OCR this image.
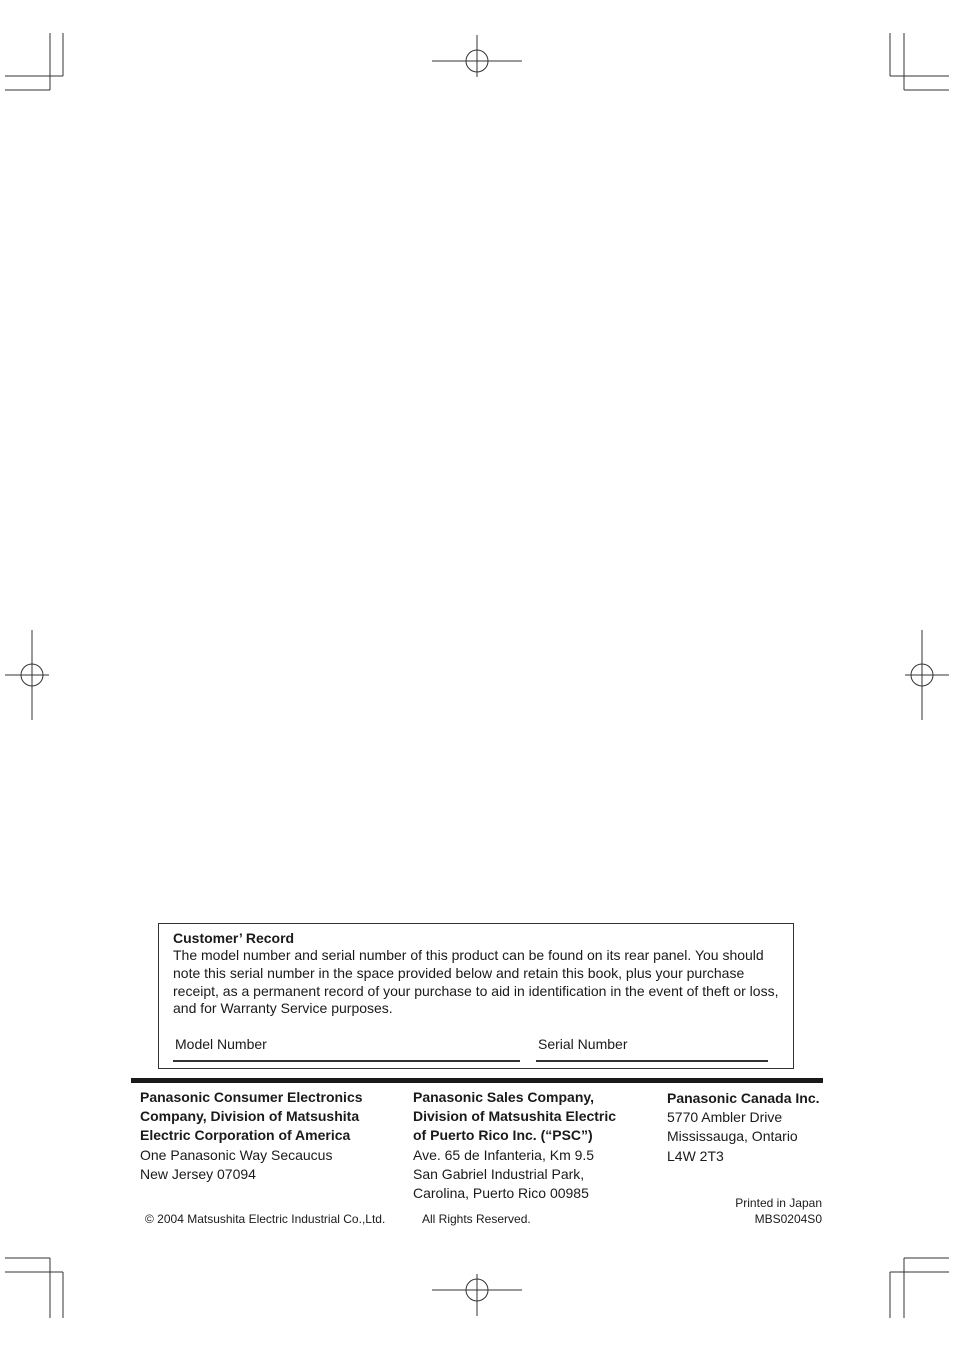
Customer’ Record
The model number and serial number of this product can be found on its rear panel. You should note this serial number in the space provided below and retain this book, plus your purchase receipt, as a permanent record of your purchase to aid in identification in the event of theft or loss, and for Warranty Service purposes.
Model Number	Serial Number
Panasonic Consumer Electronics
Company, Division of Matsushita
Electric Corporation of America
One Panasonic Way Secaucus
New Jersey 07094
Panasonic Sales Company,
Division of Matsushita Electric
of Puerto Rico Inc. (“PSC”)
Ave. 65 de Infanteria, Km 9.5
San Gabriel Industrial Park,
Carolina, Puerto Rico 00985
Panasonic Canada Inc.
5770 Ambler Drive
Mississauga, Ontario
L4W 2T3
© 2004 Matsushita Electric Industrial Co.,Ltd.	All Rights Reserved.
Printed in Japan
MBS0204S0
